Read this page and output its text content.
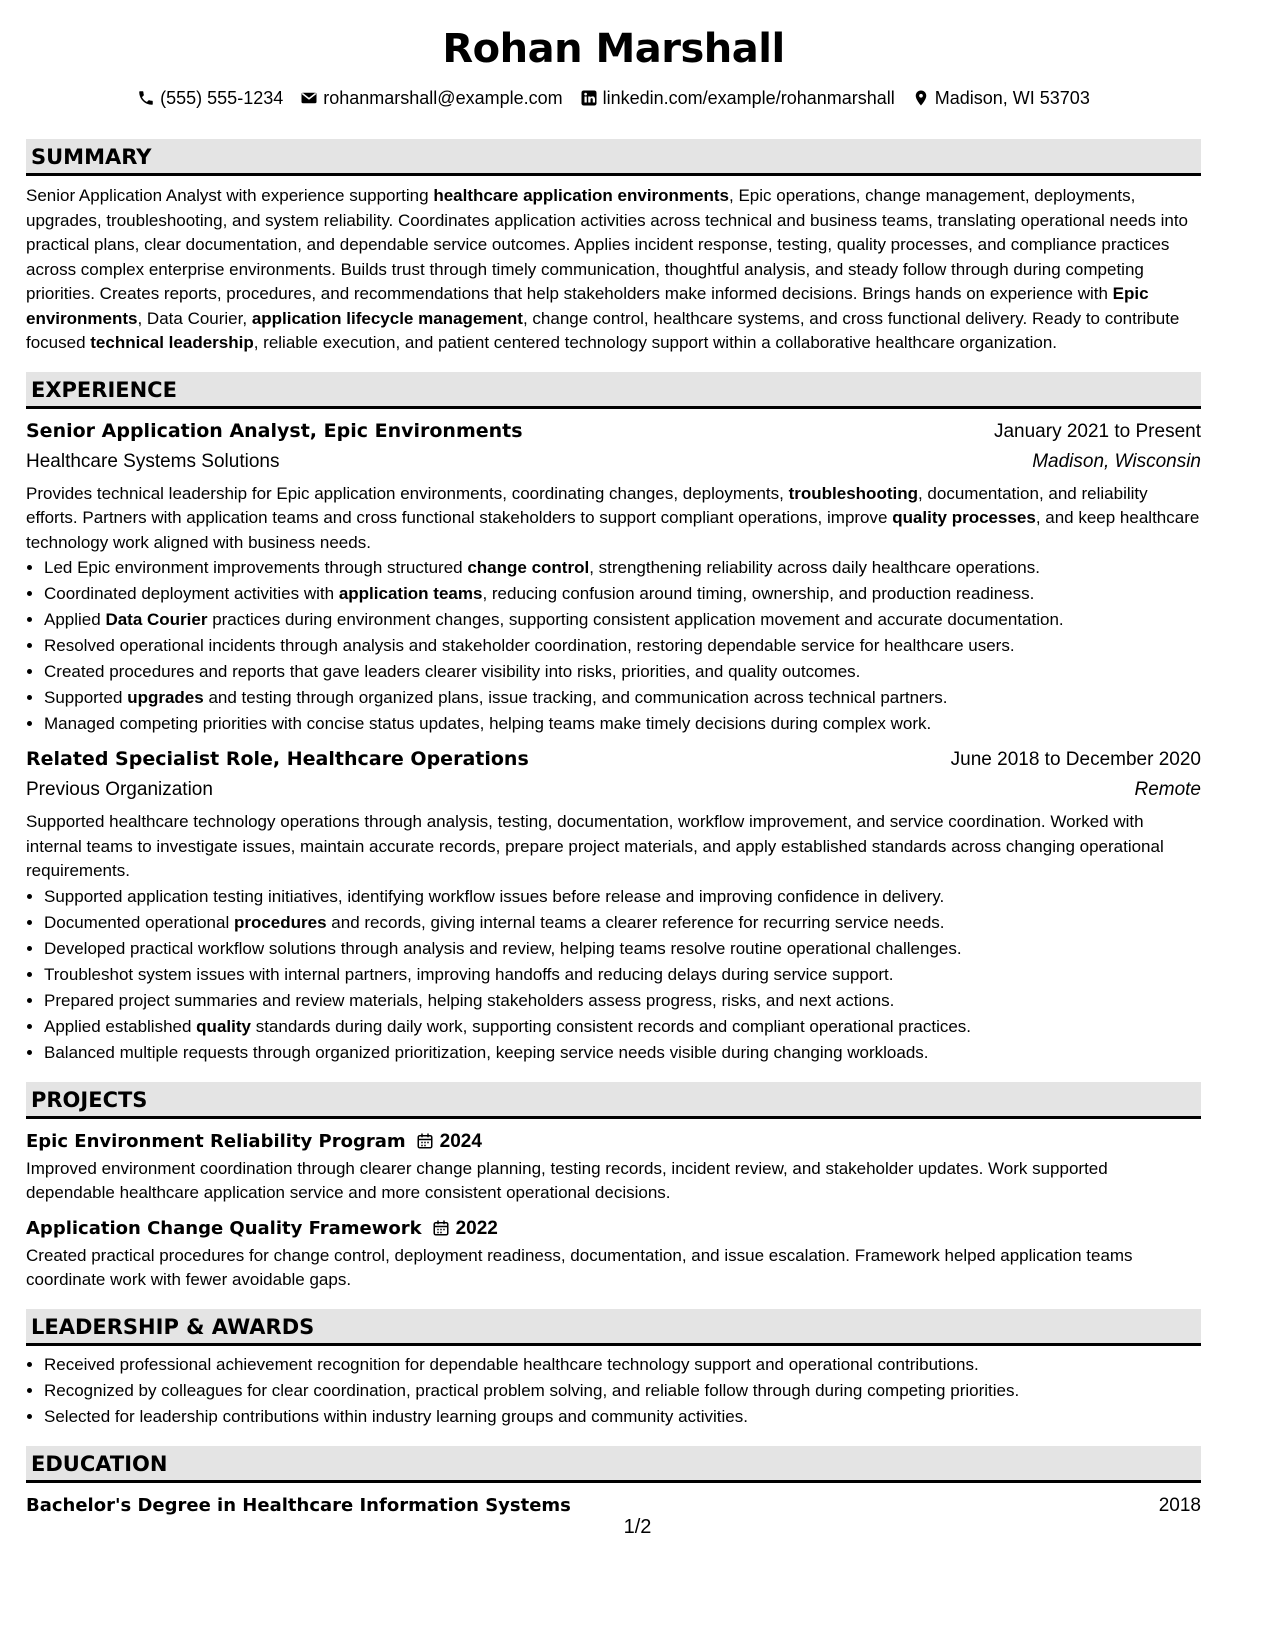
Rohan Marshall
(555) 555-1234 rohanmarshall@example.com linkedin.com/example/rohanmarshall Madison, WI 53703
SUMMARY
Senior Application Analyst with experience supporting healthcare application environments, Epic operations, change management, deployments, upgrades, troubleshooting, and system reliability. Coordinates application activities across technical and business teams, translating operational needs into practical plans, clear documentation, and dependable service outcomes. Applies incident response, testing, quality processes, and compliance practices across complex enterprise environments. Builds trust through timely communication, thoughtful analysis, and steady follow through during competing priorities. Creates reports, procedures, and recommendations that help stakeholders make informed decisions. Brings hands on experience with Epic environments, Data Courier, application lifecycle management, change control, healthcare systems, and cross functional delivery. Ready to contribute focused technical leadership, reliable execution, and patient centered technology support within a collaborative healthcare organization.
EXPERIENCE
Senior Application Analyst, Epic Environments	January 2021 to Present
Healthcare Systems Solutions	Madison, Wisconsin
Provides technical leadership for Epic application environments, coordinating changes, deployments, troubleshooting, documentation, and reliability efforts. Partners with application teams and cross functional stakeholders to support compliant operations, improve quality processes, and keep healthcare technology work aligned with business needs.
• Led Epic environment improvements through structured change control, strengthening reliability across daily healthcare operations.
• Coordinated deployment activities with application teams, reducing confusion around timing, ownership, and production readiness.
• Applied Data Courier practices during environment changes, supporting consistent application movement and accurate documentation.
• Resolved operational incidents through analysis and stakeholder coordination, restoring dependable service for healthcare users.
• Created procedures and reports that gave leaders clearer visibility into risks, priorities, and quality outcomes.
• Supported upgrades and testing through organized plans, issue tracking, and communication across technical partners.
• Managed competing priorities with concise status updates, helping teams make timely decisions during complex work.
Related Specialist Role, Healthcare Operations	June 2018 to December 2020
Previous Organization	Remote
Supported healthcare technology operations through analysis, testing, documentation, workflow improvement, and service coordination. Worked with internal teams to investigate issues, maintain accurate records, prepare project materials, and apply established standards across changing operational requirements.
• Supported application testing initiatives, identifying workflow issues before release and improving confidence in delivery.
• Documented operational procedures and records, giving internal teams a clearer reference for recurring service needs.
• Developed practical workflow solutions through analysis and review, helping teams resolve routine operational challenges.
• Troubleshot system issues with internal partners, improving handoffs and reducing delays during service support.
• Prepared project summaries and review materials, helping stakeholders assess progress, risks, and next actions.
• Applied established quality standards during daily work, supporting consistent records and compliant operational practices.
• Balanced multiple requests through organized prioritization, keeping service needs visible during changing workloads.
PROJECTS
Epic Environment Reliability Program 2024
Improved environment coordination through clearer change planning, testing records, incident review, and stakeholder updates. Work supported dependable healthcare application service and more consistent operational decisions.
Application Change Quality Framework 2022
Created practical procedures for change control, deployment readiness, documentation, and issue escalation. Framework helped application teams coordinate work with fewer avoidable gaps.
LEADERSHIP & AWARDS
• Received professional achievement recognition for dependable healthcare technology support and operational contributions.
• Recognized by colleagues for clear coordination, practical problem solving, and reliable follow through during competing priorities.
• Selected for leadership contributions within industry learning groups and community activities.
EDUCATION
Bachelor's Degree in Healthcare Information Systems	2018
1/2
